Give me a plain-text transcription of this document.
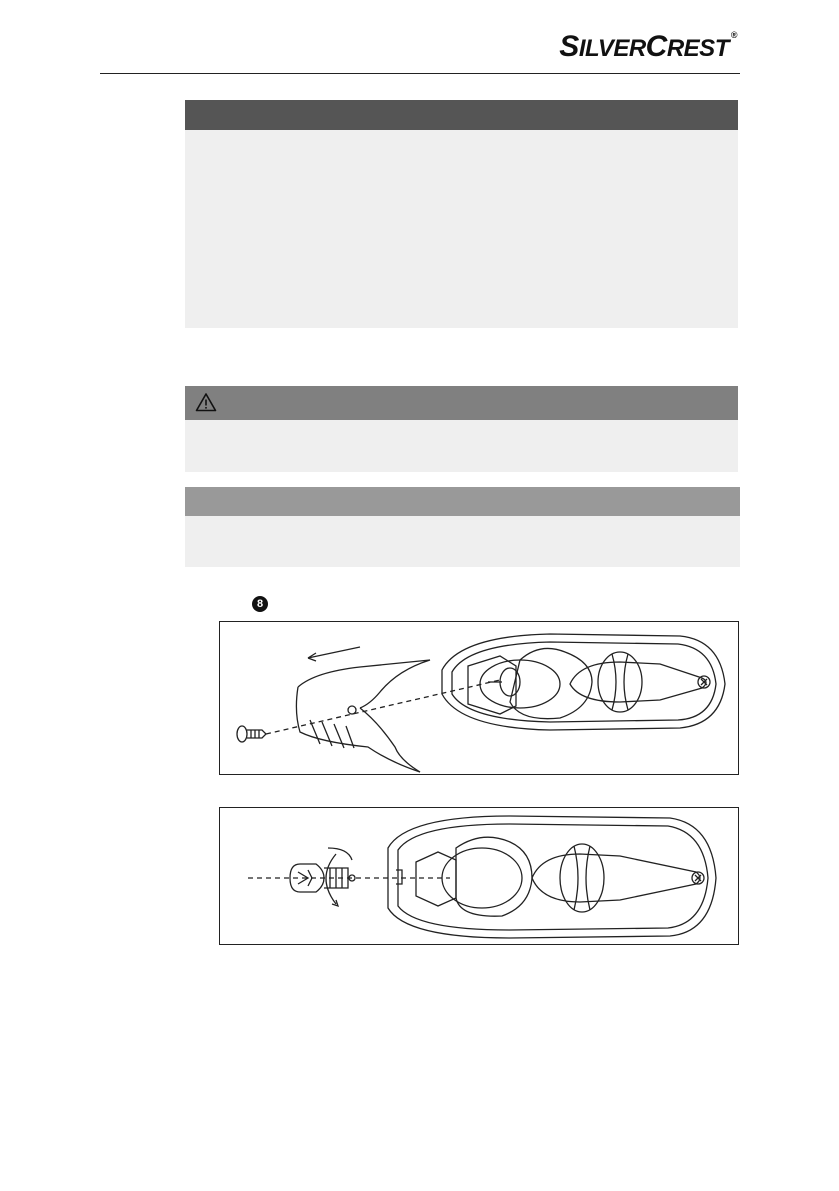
SILVERCREST ®
8
